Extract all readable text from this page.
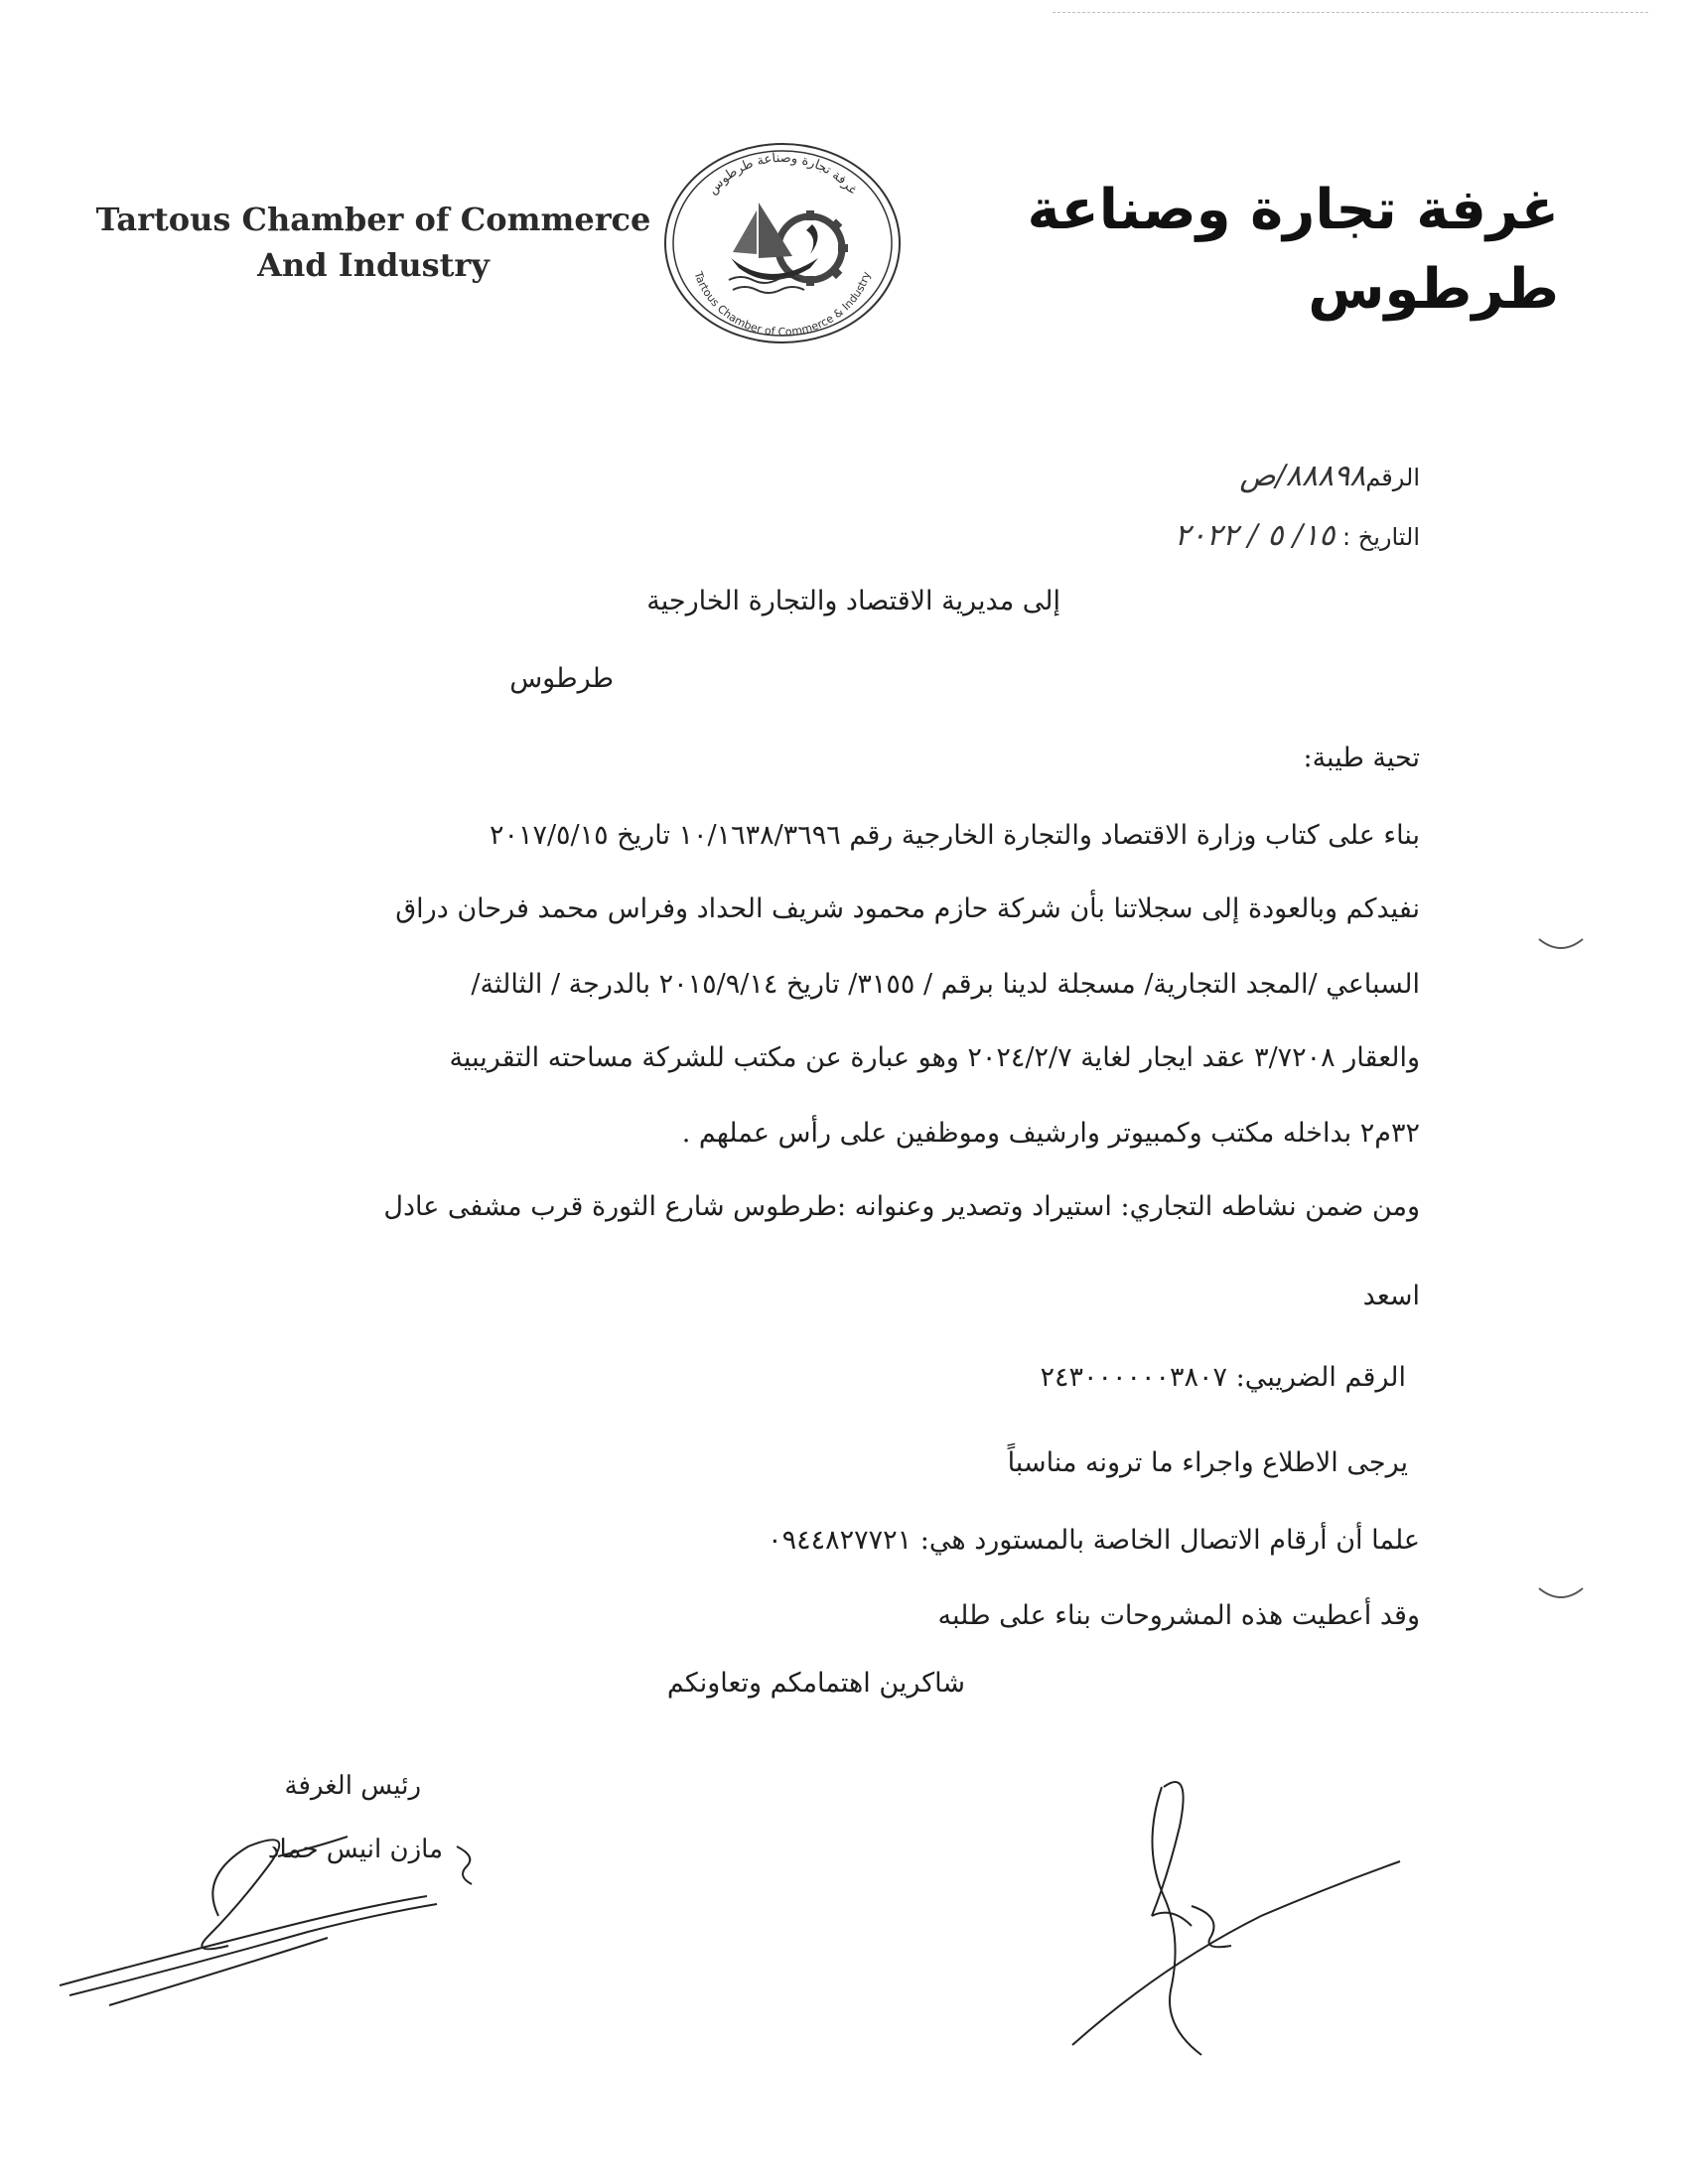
Tartous Chamber of Commerce
And Industry
غرفة تجارة وصناعة طرطوس
Tartous Chamber of Commerce & Industry
غرفة تجارة وصناعة طرطوس
الرقم٨٨٨٩٨/ص
التاريخ : ١٥/ ٥ / ٢٠٢٢
إلى مديرية الاقتصاد والتجارة الخارجية
طرطوس
تحية طيبة:
بناء على كتاب وزارة الاقتصاد والتجارة الخارجية رقم ١٠/١٦٣٨/٣٦٩٦ تاريخ ٢٠١٧/٥/١٥
نفيدكم وبالعودة إلى سجلاتنا بأن شركة حازم محمود شريف الحداد وفراس محمد فرحان دراق
السباعي /المجد التجارية/ مسجلة لدينا برقم / ٣١٥٥/ تاريخ ٢٠١٥/٩/١٤ بالدرجة / الثالثة/
والعقار ٣/٧٢٠٨ عقد ايجار لغاية ٢٠٢٤/٢/٧ وهو عبارة عن مكتب للشركة مساحته التقريبية
٣٢م٢ بداخله مكتب وكمبيوتر وارشيف وموظفين على رأس عملهم .
ومن ضمن نشاطه التجاري: استيراد وتصدير وعنوانه :طرطوس شارع الثورة قرب مشفى عادل
اسعد
الرقم الضريبي: ٢٤٣٠٠٠٠٠٠٣٨٠٧
يرجى الاطلاع واجراء ما ترونه مناسباً
علما أن أرقام الاتصال الخاصة بالمستورد هي: ٠٩٤٤٨٢٧٧٢١
وقد أعطيت هذه المشروحات بناء على طلبه
شاكرين اهتمامكم وتعاونكم
رئيس الغرفة
مازن انيس حماد
